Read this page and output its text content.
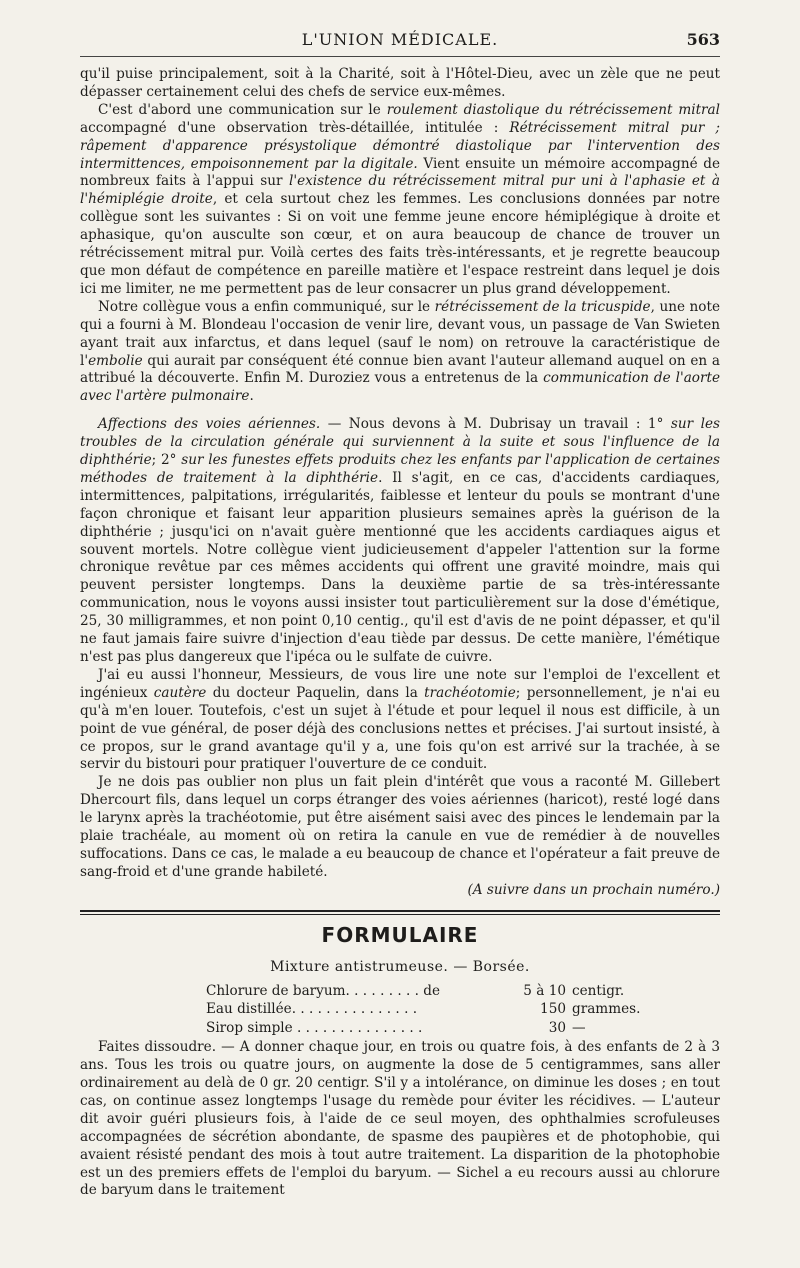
L'UNION MÉDICALE.	563

qu'il puise principalement, soit à la Charité, soit à l'Hôtel-Dieu, avec un zèle que ne peut dépasser certainement celui des chefs de service eux-mêmes.

C'est d'abord une communication sur le roulement diastolique du rétrécissement mitral accompagné d'une observation très-détaillée, intitulée : Rétrécissement mitral pur ; râpement d'apparence présystolique démontré diastolique par l'intervention des intermittences, empoisonnement par la digitale. Vient ensuite un mémoire accompagné de nombreux faits à l'appui sur l'existence du rétrécissement mitral pur uni à l'aphasie et à l'hémiplégie droite, et cela surtout chez les femmes. Les conclusions données par notre collègue sont les suivantes : Si on voit une femme jeune encore hémiplégique à droite et aphasique, qu'on ausculte son cœur, et on aura beaucoup de chance de trouver un rétrécissement mitral pur. Voilà certes des faits très-intéressants, et je regrette beaucoup que mon défaut de compétence en pareille matière et l'espace restreint dans lequel je dois ici me limiter, ne me permettent pas de leur consacrer un plus grand développement.

Notre collègue vous a enfin communiqué, sur le rétrécissement de la tricuspide, une note qui a fourni à M. Blondeau l'occasion de venir lire, devant vous, un passage de Van Swieten ayant trait aux infarctus, et dans lequel (sauf le nom) on retrouve la caractéristique de l'embolie qui aurait par conséquent été connue bien avant l'auteur allemand auquel on en a attribué la découverte. Enfin M. Duroziez vous a entretenus de la communication de l'aorte avec l'artère pulmonaire.

Affections des voies aériennes. — Nous devons à M. Dubrisay un travail : 1° sur les troubles de la circulation générale qui surviennent à la suite et sous l'influence de la diphthérie; 2° sur les funestes effets produits chez les enfants par l'application de certaines méthodes de traitement à la diphthérie. Il s'agit, en ce cas, d'accidents cardiaques, intermittences, palpitations, irrégularités, faiblesse et lenteur du pouls se montrant d'une façon chronique et faisant leur apparition plusieurs semaines après la guérison de la diphthérie ; jusqu'ici on n'avait guère mentionné que les accidents cardiaques aigus et souvent mortels. Notre collègue vient judicieusement d'appeler l'attention sur la forme chronique revêtue par ces mêmes accidents qui offrent une gravité moindre, mais qui peuvent persister longtemps. Dans la deuxième partie de sa très-intéressante communication, nous le voyons aussi insister tout particulièrement sur la dose d'émétique, 25, 30 milligrammes, et non point 0,10 centig., qu'il est d'avis de ne point dépasser, et qu'il ne faut jamais faire suivre d'injection d'eau tiède par dessus. De cette manière, l'émétique n'est pas plus dangereux que l'ipéca ou le sulfate de cuivre.

J'ai eu aussi l'honneur, Messieurs, de vous lire une note sur l'emploi de l'excellent et ingénieux cautère du docteur Paquelin, dans la trachéotomie; personnellement, je n'ai eu qu'à m'en louer. Toutefois, c'est un sujet à l'étude et pour lequel il nous est difficile, à un point de vue général, de poser déjà des conclusions nettes et précises. J'ai surtout insisté, à ce propos, sur le grand avantage qu'il y a, une fois qu'on est arrivé sur la trachée, à se servir du bistouri pour pratiquer l'ouverture de ce conduit.

Je ne dois pas oublier non plus un fait plein d'intérêt que vous a raconté M. Gillebert Dhercourt fils, dans lequel un corps étranger des voies aériennes (haricot), resté logé dans le larynx après la trachéotomie, put être aisément saisi avec des pinces le lendemain par la plaie trachéale, au moment où on retira la canule en vue de remédier à de nouvelles suffocations. Dans ce cas, le malade a eu beaucoup de chance et l'opérateur a fait preuve de sang-froid et d'une grande habileté.

(A suivre dans un prochain numéro.)

FORMULAIRE
Mixture antistrumeuse. — Borsée.
Chlorure de baryum. . . . . . . . . de	5 à 10	centigr.
Eau distillée. . . . . . . . . . . . . . .	150	grammes.
Sirop simple . . . . . . . . . . . . . . .	30	—

Faites dissoudre. — A donner chaque jour, en trois ou quatre fois, à des enfants de 2 à 3 ans. Tous les trois ou quatre jours, on augmente la dose de 5 centigrammes, sans aller ordinairement au delà de 0 gr. 20 centigr. S'il y a intolérance, on diminue les doses ; en tout cas, on continue assez longtemps l'usage du remède pour éviter les récidives. — L'auteur dit avoir guéri plusieurs fois, à l'aide de ce seul moyen, des ophthalmies scrofuleuses accompagnées de sécrétion abondante, de spasme des paupières et de photophobie, qui avaient résisté pendant des mois à tout autre traitement. La disparition de la photophobie est un des premiers effets de l'emploi du baryum. — Sichel a eu recours aussi au chlorure de baryum dans le traitement
